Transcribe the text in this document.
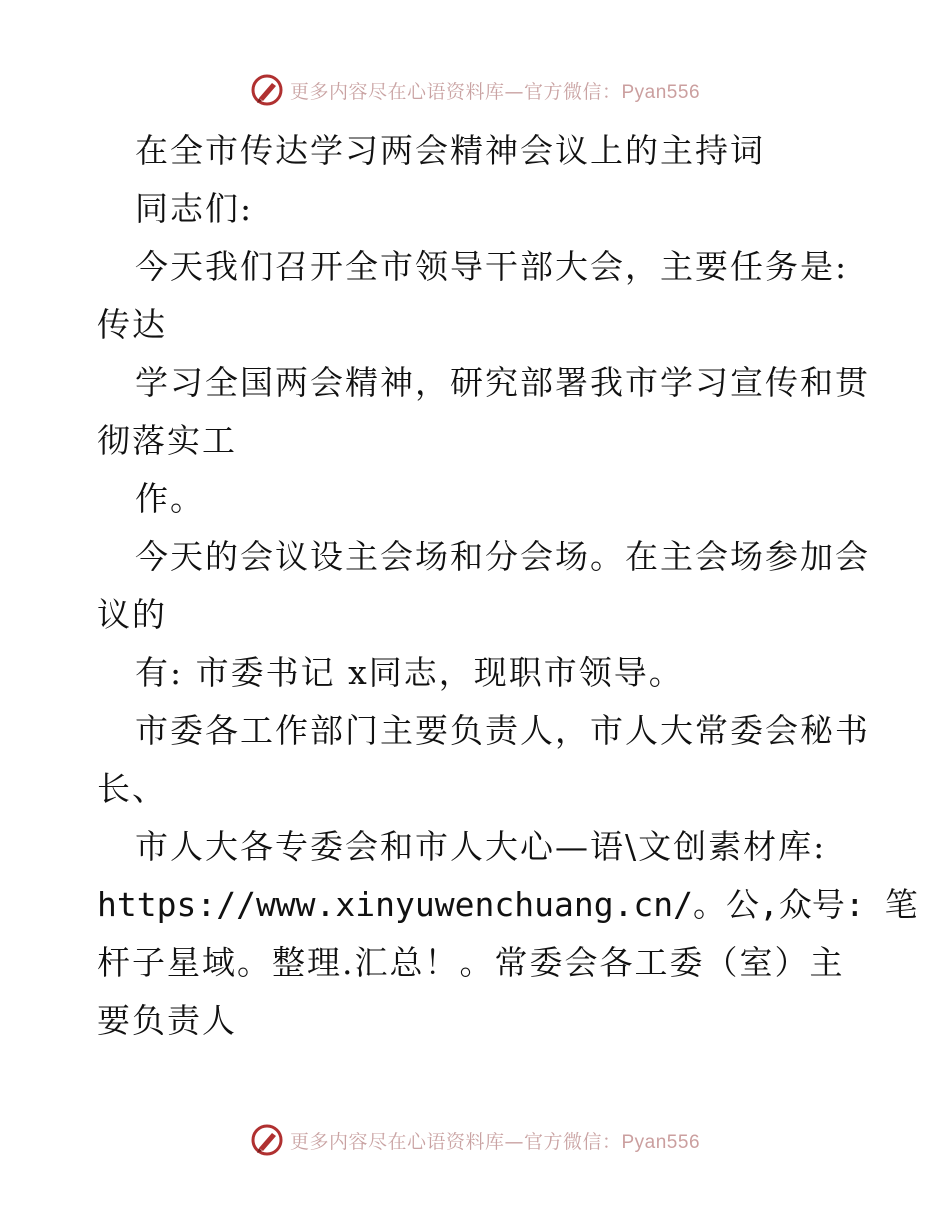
更多内容尽在心语资料库—官方微信：Pyan556
在全市传达学习两会精神会议上的主持词
同志们:
今天我们召开全市领导干部大会，主要任务是:
传达
学习全国两会精神，研究部署我市学习宣传和贯
彻落实工
作。
今天的会议设主会场和分会场。在主会场参加会
议的
有: 市委书记 x同志，现职市领导。
市委各工作部门主要负责人，市人大常委会秘书
长、
市人大各专委会和市人大心—语\文创素材库:
https://www.xinyuwenchuang.cn/。公,众号: 笔
杆子星域。整理.汇总！。常委会各工委（室）主
要负责人
更多内容尽在心语资料库—官方微信：Pyan556
